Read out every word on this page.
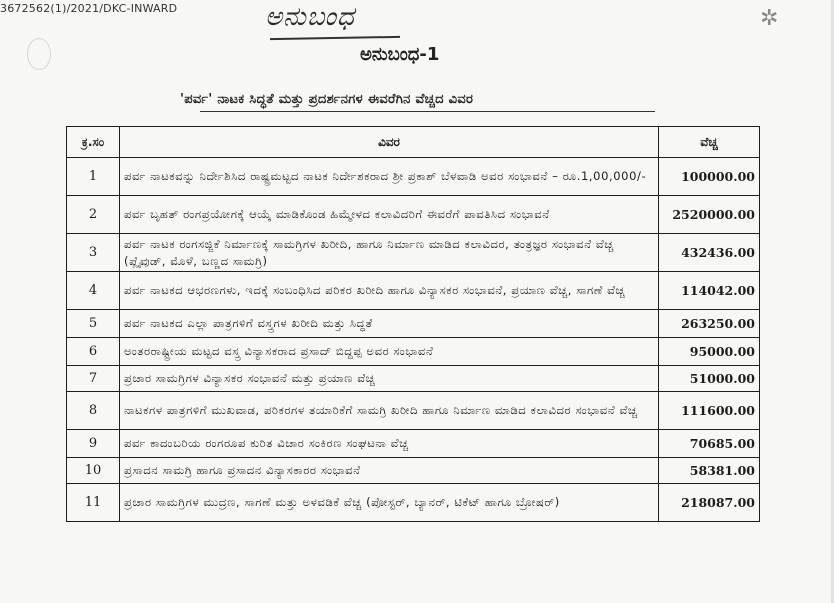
3672562(1)/2021/DKC-INWARD	ಅನುಬಂಧ	✲
ಅನುಬಂಧ-1
'ಪರ್ವ' ನಾಟಕ ಸಿದ್ಧತೆ ಮತ್ತು ಪ್ರದರ್ಶನಗಳ ಈವರೆಗಿನ ವೆಚ್ಚದ ವಿವರ
ಕ್ರ.ಸಂ	ವಿವರ	ವೆಚ್ಚ
1	ಪರ್ವ ನಾಟಕವನ್ನು ನಿರ್ದೇಶಿಸಿದ ರಾಷ್ಟ್ರಮಟ್ಟದ ನಾಟಕ ನಿರ್ದೇಶಕರಾದ ಶ್ರೀ ಪ್ರಕಾಶ್ ಬೆಳವಾಡಿ ಅವರ ಸಂಭಾವನೆ – ರೂ.1,00,000/-	100000.00
2	ಪರ್ವ ಬೃಹತ್ ರಂಗಪ್ರಯೋಗಕ್ಕೆ ಆಯ್ಕೆ ಮಾಡಿಕೊಂಡ ಹಿಮ್ಮೇಳದ ಕಲಾವಿದರಿಗೆ ಈವರೆಗೆ ಪಾವತಿಸಿದ ಸಂಭಾವನೆ	2520000.00
3	ಪರ್ವ ನಾಟಕ ರಂಗಸಜ್ಜಿಕೆ ನಿರ್ಮಾಣಕ್ಕೆ ಸಾಮಗ್ರಿಗಳ ಖರೀದಿ, ಹಾಗೂ ನಿರ್ಮಾಣ ಮಾಡಿದ ಕಲಾವಿದರ, ತಂತ್ರಜ್ಞರ ಸಂಭಾವನೆ ವೆಚ್ಚ (ಪ್ಲೈವುಡ್, ಮೊಳೆ, ಬಣ್ಣದ ಸಾಮಗ್ರಿ)	432436.00
4	ಪರ್ವ ನಾಟಕದ ಆಭರಣಗಳು, ಇದಕ್ಕೆ ಸಂಬಂಧಿಸಿದ ಪರಿಕರ ಖರೀದಿ ಹಾಗೂ ವಿನ್ಯಾಸಕರ ಸಂಭಾವನೆ, ಪ್ರಯಾಣ ವೆಚ್ಚ, ಸಾಗಣೆ ವೆಚ್ಚ	114042.00
5	ಪರ್ವ ನಾಟಕದ ಎಲ್ಲಾ ಪಾತ್ರಗಳಿಗೆ ವಸ್ತ್ರಗಳ ಖರೀದಿ ಮತ್ತು ಸಿದ್ಧತೆ	263250.00
6	ಅಂತರರಾಷ್ಟ್ರೀಯ ಮಟ್ಟದ ವಸ್ತ್ರ ವಿನ್ಯಾಸಕರಾದ ಪ್ರಸಾದ್ ಬಿದ್ದಪ್ಪ ಅವರ ಸಂಭಾವನೆ	95000.00
7	ಪ್ರಚಾರ ಸಾಮಗ್ರಿಗಳ ವಿನ್ಯಾಸಕರ ಸಂಭಾವನೆ ಮತ್ತು ಪ್ರಯಾಣ ವೆಚ್ಚ	51000.00
8	ನಾಟಕಗಳ ಪಾತ್ರಗಳಿಗೆ ಮುಖವಾಡ, ಪರಿಕರಗಳ ತಯಾರಿಕೆಗೆ ಸಾಮಗ್ರಿ ಖರೀದಿ ಹಾಗೂ ನಿರ್ಮಾಣ ಮಾಡಿದ ಕಲಾವಿದರ ಸಂಭಾವನೆ ವೆಚ್ಚ	111600.00
9	ಪರ್ವ ಕಾದಂಬರಿಯ ರಂಗರೂಪ ಕುರಿತ ವಿಚಾರ ಸಂಕಿರಣ ಸಂಘಟನಾ ವೆಚ್ಚ	70685.00
10	ಪ್ರಸಾದನ ಸಾಮಗ್ರಿ ಹಾಗೂ ಪ್ರಸಾದನ ವಿನ್ಯಾಸಕಾರರ ಸಂಭಾವನೆ	58381.00
11	ಪ್ರಚಾರ ಸಾಮಗ್ರಿಗಳ ಮುದ್ರಣ, ಸಾಗಣೆ ಮತ್ತು ಅಳವಡಿಕೆ ವೆಚ್ಚ (ಪೋಸ್ಟರ್, ಬ್ಯಾನರ್, ಟಿಕೆಟ್ ಹಾಗೂ ಬ್ರೋಷರ್)	218087.00
